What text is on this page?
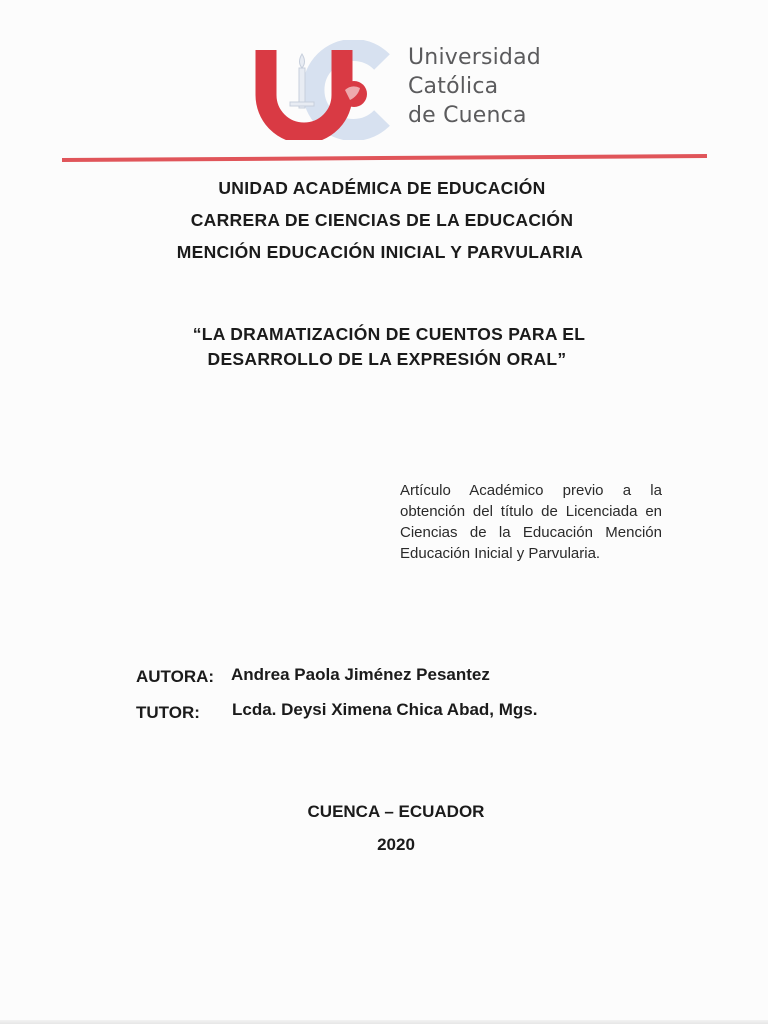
Universidad
Católica
de Cuenca
UNIDAD ACADÉMICA DE EDUCACIÓN
CARRERA DE CIENCIAS DE LA EDUCACIÓN
MENCIÓN EDUCACIÓN INICIAL Y PARVULARIA
“LA DRAMATIZACIÓN DE CUENTOS PARA EL
DESARROLLO DE LA EXPRESIÓN ORAL”
Artículo Académico previo a la obtención del título de Licenciada en Ciencias de la Educación Mención Educación Inicial y Parvularia.
AUTORA: Andrea Paola Jiménez Pesantez
TUTOR: Lcda. Deysi Ximena Chica Abad, Mgs.
CUENCA – ECUADOR
2020
